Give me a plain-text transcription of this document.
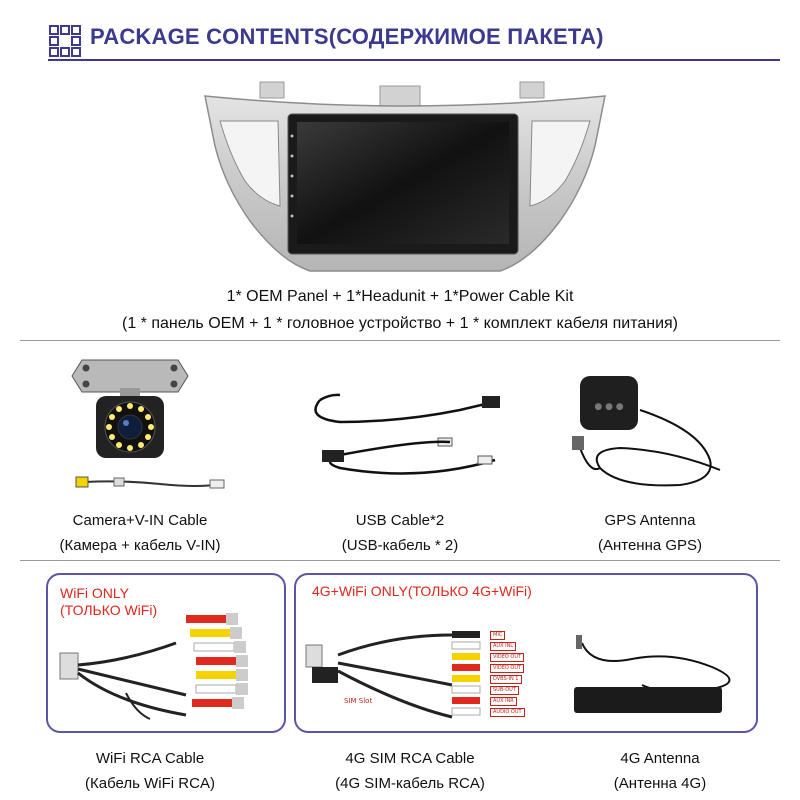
PACKAGE CONTENTS(СОДЕРЖИМОЕ ПАКЕТА)
1* OEM Panel + 1*Headunit + 1*Power Cable Kit
(1 * панель OEM + 1 * головное устройство + 1 * комплект кабеля питания)
● ● ●
Camera+V-IN Cable
(Камера + кабель V-IN)
USB Cable*2
(USB-кабель * 2)
GPS Antenna
(Антенна GPS)
WiFi ONLY
(ТОЛЬКО WiFi)
4G+WiFi ONLY(ТОЛЬКО 4G+WiFi)
SIM Slot
MIC
AUX INL
VIDEO OUT
VIDEO OUT
DVBS-IN 1
SUB-OUT
AUX INR
AUDIO OUT
WiFi RCA Cable
(Кабель WiFi RCA)
4G SIM RCA Cable
(4G SIM-кабель RCA)
4G Antenna
(Антенна 4G)
